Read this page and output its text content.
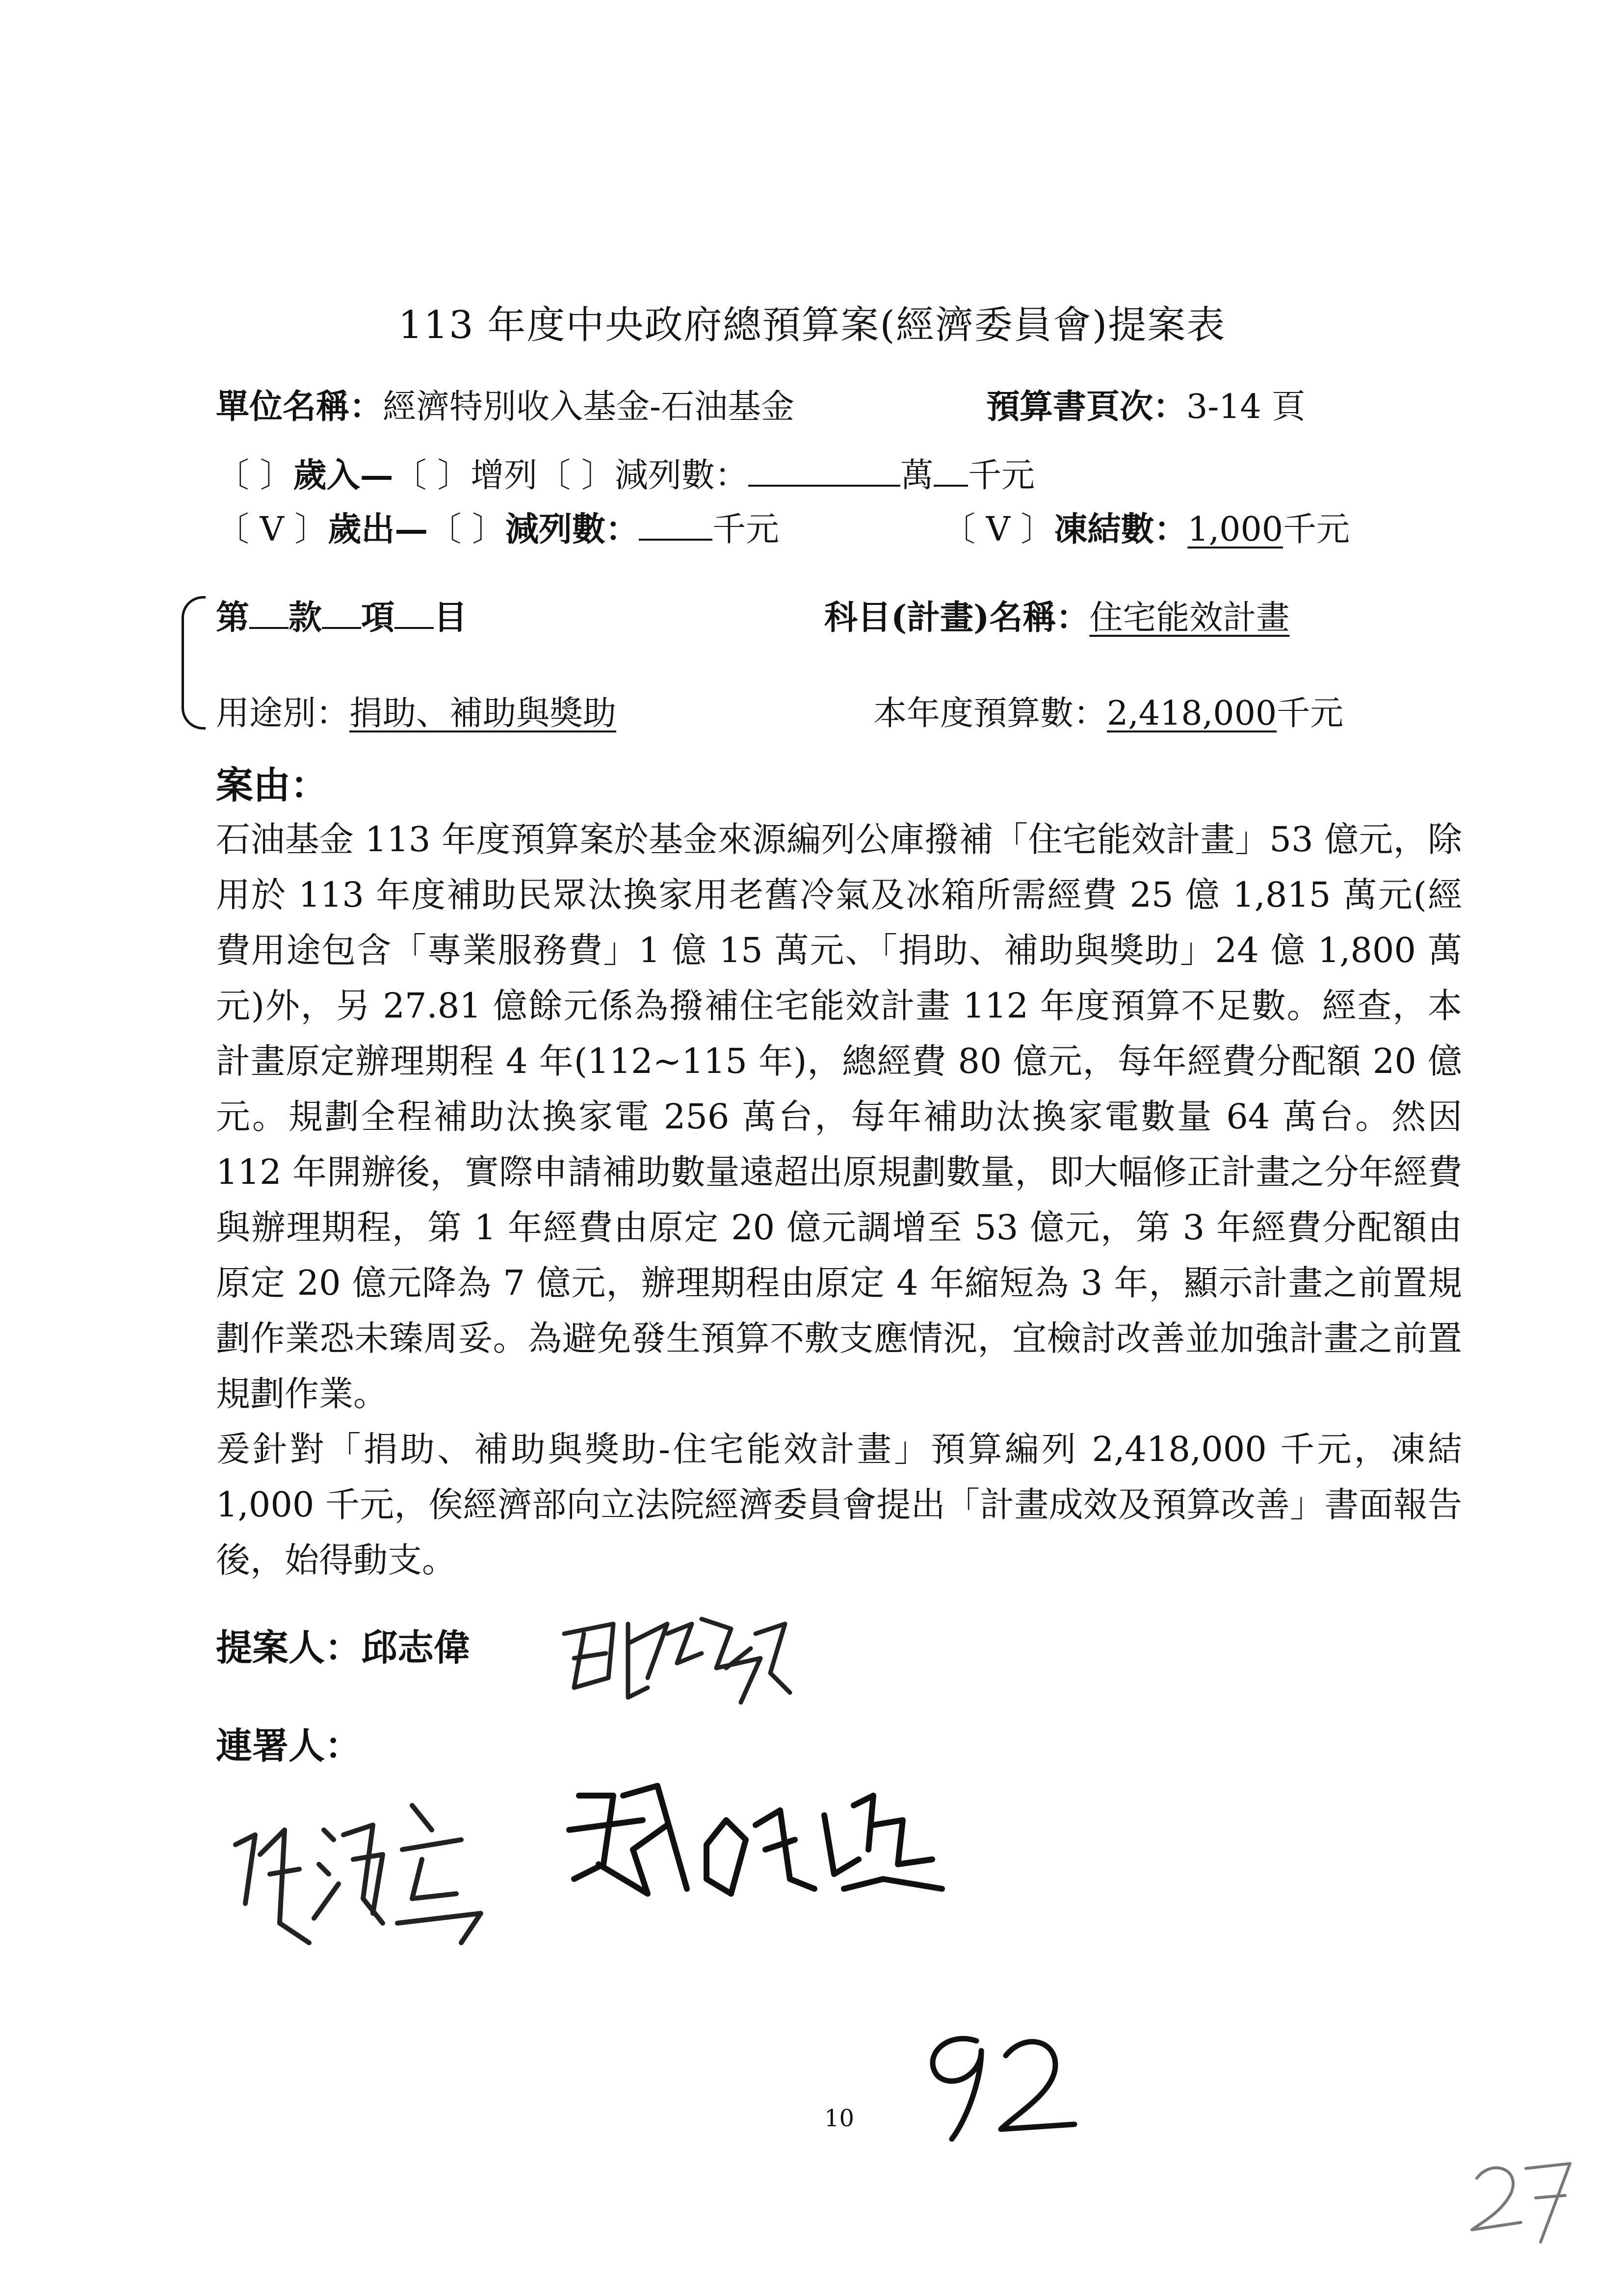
113 年度中央政府總預算案(經濟委員會)提案表
單位名稱：經濟特別收入基金-石油基金	預算書頁次：3-14 頁
〔 〕歲入—〔 〕增列〔 〕減列數：	萬 千元
〔 V 〕歲出—〔 〕減列數： 千元	〔 V 〕凍結數：1,000千元
第 款 項 目	科目(計畫)名稱：住宅能效計畫
用途別：捐助、補助與獎助	本年度預算數：2,418,000千元
案由：

石油基金 113 年度預算案於基金來源編列公庫撥補「住宅能效計畫」53 億元，除用於 113 年度補助民眾汰換家用老舊冷氣及冰箱所需經費 25 億 1,815 萬元(經費用途包含「專業服務費」1 億 15 萬元、「捐助、補助與獎助」24 億 1,800 萬元)外，另 27.81 億餘元係為撥補住宅能效計畫 112 年度預算不足數。經查，本計畫原定辦理期程 4 年(112~115 年)，總經費 80 億元，每年經費分配額 20 億元。規劃全程補助汰換家電 256 萬台，每年補助汰換家電數量 64 萬台。然因 112 年開辦後，實際申請補助數量遠超出原規劃數量，即大幅修正計畫之分年經費與辦理期程，第 1 年經費由原定 20 億元調增至 53 億元，第 3 年經費分配額由原定 20 億元降為 7 億元，辦理期程由原定 4 年縮短為 3 年，顯示計畫之前置規劃作業恐未臻周妥。為避免發生預算不敷支應情況，宜檢討改善並加強計畫之前置規劃作業。

爰針對「捐助、補助與獎助-住宅能效計畫」預算編列 2,418,000 千元，凍結 1,000 千元，俟經濟部向立法院經濟委員會提出「計畫成效及預算改善」書面報告後，始得動支。

提案人：邱志偉
連署人：
10
